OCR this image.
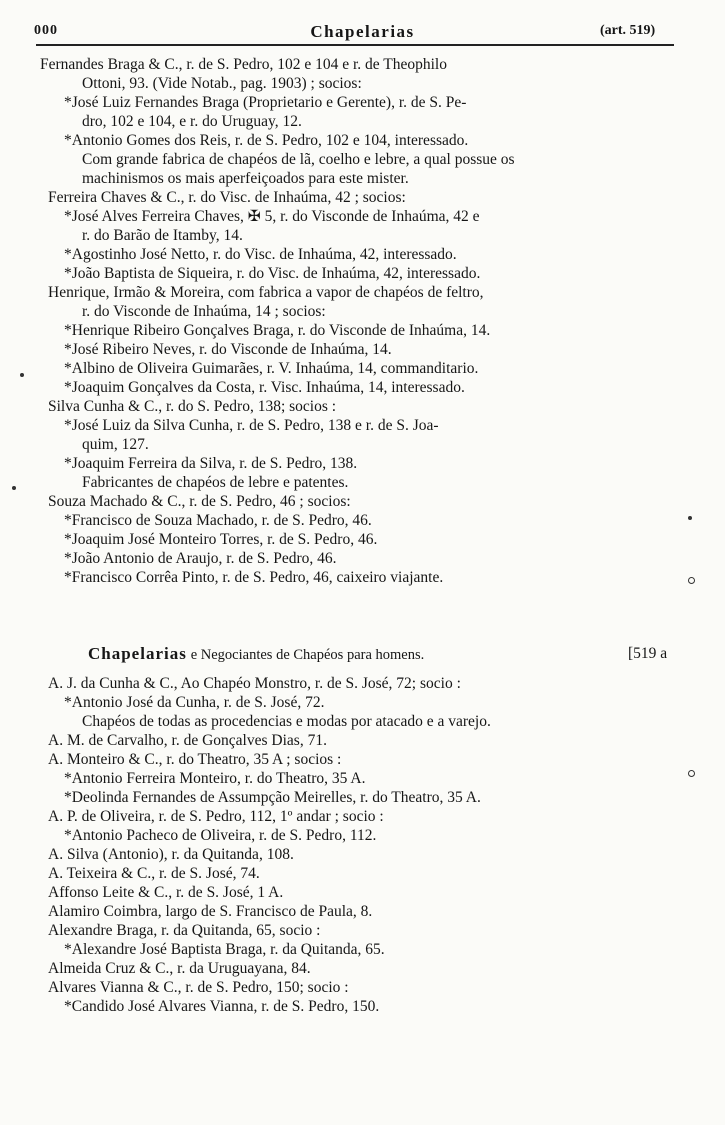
000	Chapelarias	(art. 519)
Fernandes Braga & C., r. de S. Pedro, 102 e 104 e r. de Theophilo
Ottoni, 93. (Vide Notab., pag. 1903) ; socios:
*José Luiz Fernandes Braga (Proprietario e Gerente), r. de S. Pe-
dro, 102 e 104, e r. do Uruguay, 12.
*Antonio Gomes dos Reis, r. de S. Pedro, 102 e 104, interessado.
Com grande fabrica de chapéos de lã, coelho e lebre, a qual possue os
machinismos os mais aperfeiçoados para este mister.
Ferreira Chaves & C., r. do Visc. de Inhaúma, 42 ; socios:
*José Alves Ferreira Chaves, ✠ 5, r. do Visconde de Inhaúma, 42 e
r. do Barão de Itamby, 14.
*Agostinho José Netto, r. do Visc. de Inhaúma, 42, interessado.
*João Baptista de Siqueira, r. do Visc. de Inhaúma, 42, interessado.
Henrique, Irmão & Moreira, com fabrica a vapor de chapéos de feltro,
r. do Visconde de Inhaúma, 14 ; socios:
*Henrique Ribeiro Gonçalves Braga, r. do Visconde de Inhaúma, 14.
*José Ribeiro Neves, r. do Visconde de Inhaúma, 14.
*Albino de Oliveira Guimarães, r. V. Inhaúma, 14, commanditario.
*Joaquim Gonçalves da Costa, r. Visc. Inhaúma, 14, interessado.
Silva Cunha & C., r. do S. Pedro, 138; socios :
*José Luiz da Silva Cunha, r. de S. Pedro, 138 e r. de S. Joa-
quim, 127.
*Joaquim Ferreira da Silva, r. de S. Pedro, 138.
Fabricantes de chapéos de lebre e patentes.
Souza Machado & C., r. de S. Pedro, 46 ; socios:
*Francisco de Souza Machado, r. de S. Pedro, 46.
*Joaquim José Monteiro Torres, r. de S. Pedro, 46.
*João Antonio de Araujo, r. de S. Pedro, 46.
*Francisco Corrêa Pinto, r. de S. Pedro, 46, caixeiro viajante.
Chapelarias e Negociantes de Chapéos para homens.	[519 a
A. J. da Cunha & C., Ao Chapéo Monstro, r. de S. José, 72; socio :
*Antonio José da Cunha, r. de S. José, 72.
Chapéos de todas as procedencias e modas por atacado e a varejo.
A. M. de Carvalho, r. de Gonçalves Dias, 71.
A. Monteiro & C., r. do Theatro, 35 A ; socios :
*Antonio Ferreira Monteiro, r. do Theatro, 35 A.
*Deolinda Fernandes de Assumpção Meirelles, r. do Theatro, 35 A.
A. P. de Oliveira, r. de S. Pedro, 112, 1º andar ; socio :
*Antonio Pacheco de Oliveira, r. de S. Pedro, 112.
A. Silva (Antonio), r. da Quitanda, 108.
A. Teixeira & C., r. de S. José, 74.
Affonso Leite & C., r. de S. José, 1 A.
Alamiro Coimbra, largo de S. Francisco de Paula, 8.
Alexandre Braga, r. da Quitanda, 65, socio :
*Alexandre José Baptista Braga, r. da Quitanda, 65.
Almeida Cruz & C., r. da Uruguayana, 84.
Alvares Vianna & C., r. de S. Pedro, 150; socio :
*Candido José Alvares Vianna, r. de S. Pedro, 150.
